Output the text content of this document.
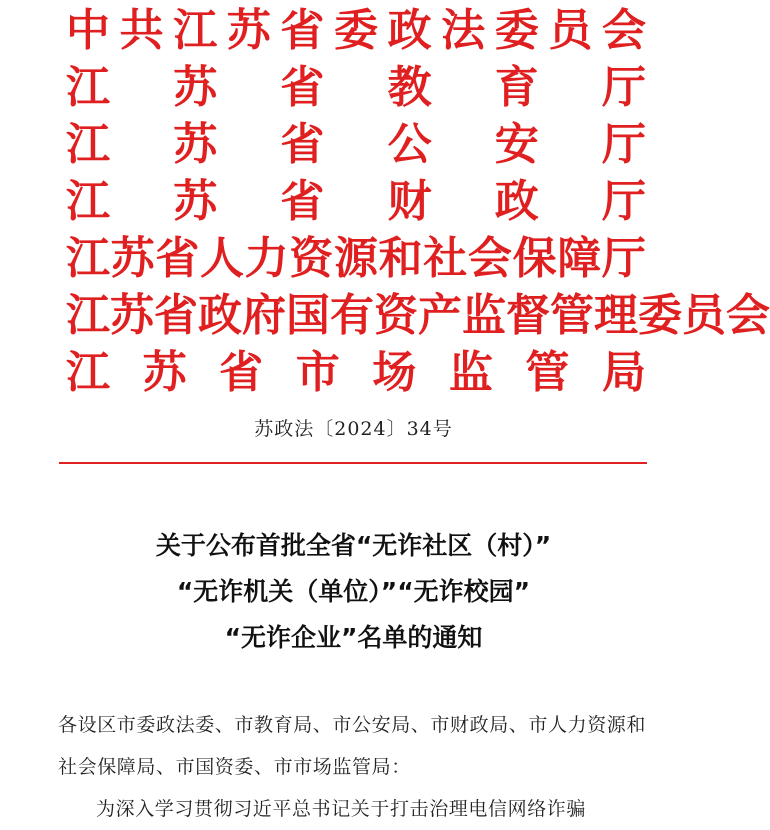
中 共 江 苏 省 委 政 法 委 员 会
江 苏 省 教 育 厅
江 苏 省 公 安 厅
江 苏 省 财 政 厅
江 苏 省 人 力 资 源 和 社 会 保 障 厅
江 苏 省 政 府 国 有 资 产 监 督 管 理 委 员 会
江 苏 省 市 场 监 管 局
苏政法〔2024〕34号
关于公布首批全省“无诈社区（村）”
“无诈机关（单位）”“无诈校园”
“无诈企业”名单的通知

各设区市委政法委、市教育局、市公安局、市财政局、市人力资源和社会保障局、市国资委、市市场监管局：

为深入学习贯彻习近平总书记关于打击治理电信网络诈骗
